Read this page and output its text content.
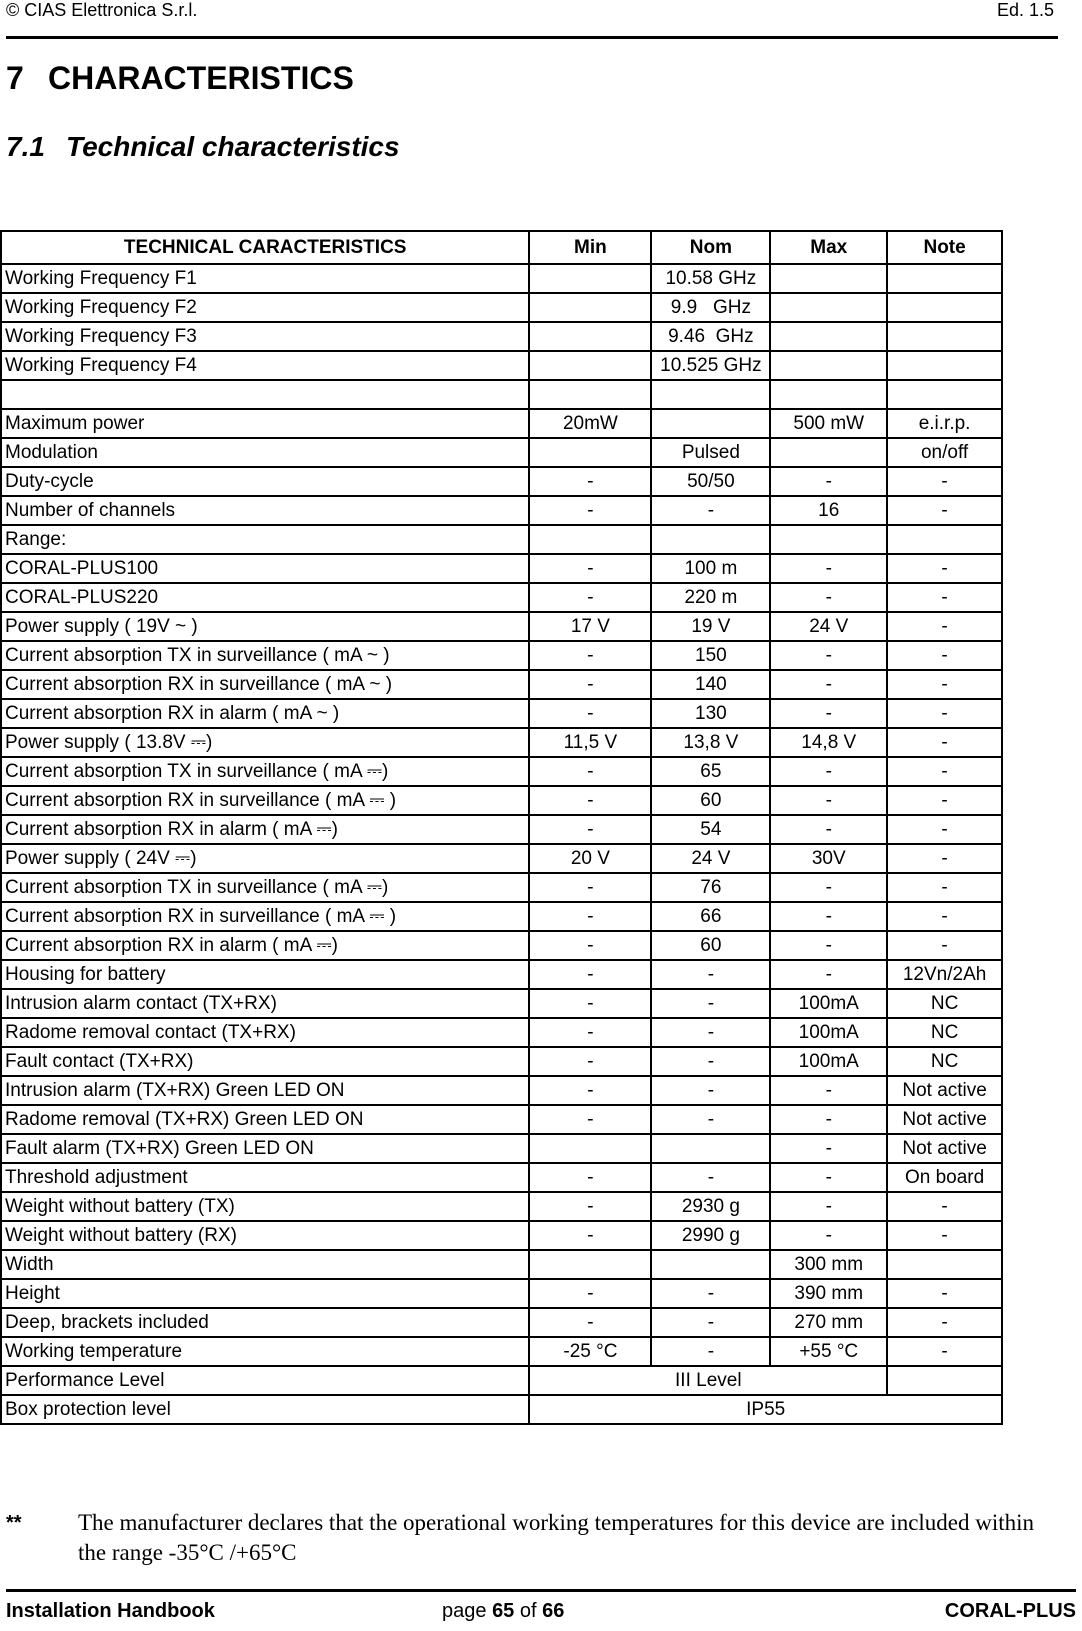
© CIAS Elettronica S.r.l.	Ed. 1.5
7 CHARACTERISTICS
7.1 Technical characteristics
TECHNICAL CARACTERISTICS	Min	Nom	Max	Note
Working Frequency F1		10.58 GHz		
Working Frequency F2		9.9   GHz		
Working Frequency F3		9.46  GHz		
Working Frequency F4		10.525 GHz		

Maximum power	20mW		500 mW	e.i.r.p.
Modulation		Pulsed		on/off
Duty-cycle	-	50/50	-	-
Number of channels	-	-	16	-
Range:				
CORAL-PLUS100	-	100 m	-	-
CORAL-PLUS220	-	220 m	-	-
Power supply ( 19V ~ )	17 V	19 V	24 V	-
Current absorption TX in surveillance ( mA ~ )	-	150	-	-
Current absorption RX in surveillance ( mA ~ )	-	140	-	-
Current absorption RX in alarm ( mA ~ )	-	130	-	-
Power supply ( 13.8V ⎓)	11,5 V	13,8 V	14,8 V	-
Current absorption TX in surveillance ( mA ⎓)	-	65	-	-
Current absorption RX in surveillance ( mA ⎓ )	-	60	-	-
Current absorption RX in alarm ( mA ⎓)	-	54	-	-
Power supply ( 24V ⎓)	20 V	24 V	30V	-
Current absorption TX in surveillance ( mA ⎓)	-	76	-	-
Current absorption RX in surveillance ( mA ⎓ )	-	66	-	-
Current absorption RX in alarm ( mA ⎓)	-	60	-	-
Housing for battery	-	-	-	12Vn/2Ah
Intrusion alarm contact (TX+RX)	-	-	100mA	NC
Radome removal contact (TX+RX)	-	-	100mA	NC
Fault contact (TX+RX)	-	-	100mA	NC
Intrusion alarm (TX+RX) Green LED ON	-	-	-	Not active
Radome removal (TX+RX) Green LED ON	-	-	-	Not active
Fault alarm (TX+RX) Green LED ON			-	Not active
Threshold adjustment	-	-	-	On board
Weight without battery (TX)	-	2930 g	-	-
Weight without battery (RX)	-	2990 g	-	-
Width			300 mm	
Height	-	-	390 mm	-
Deep, brackets included	-	-	270 mm	-
Working temperature	-25 °C	-	+55 °C	-
Performance Level	III Level			
Box protection level	IP55			
** The manufacturer declares that the operational working temperatures for this device are included within the range -35°C /+65°C
Installation Handbook	page 65 of 66	CORAL-PLUS
